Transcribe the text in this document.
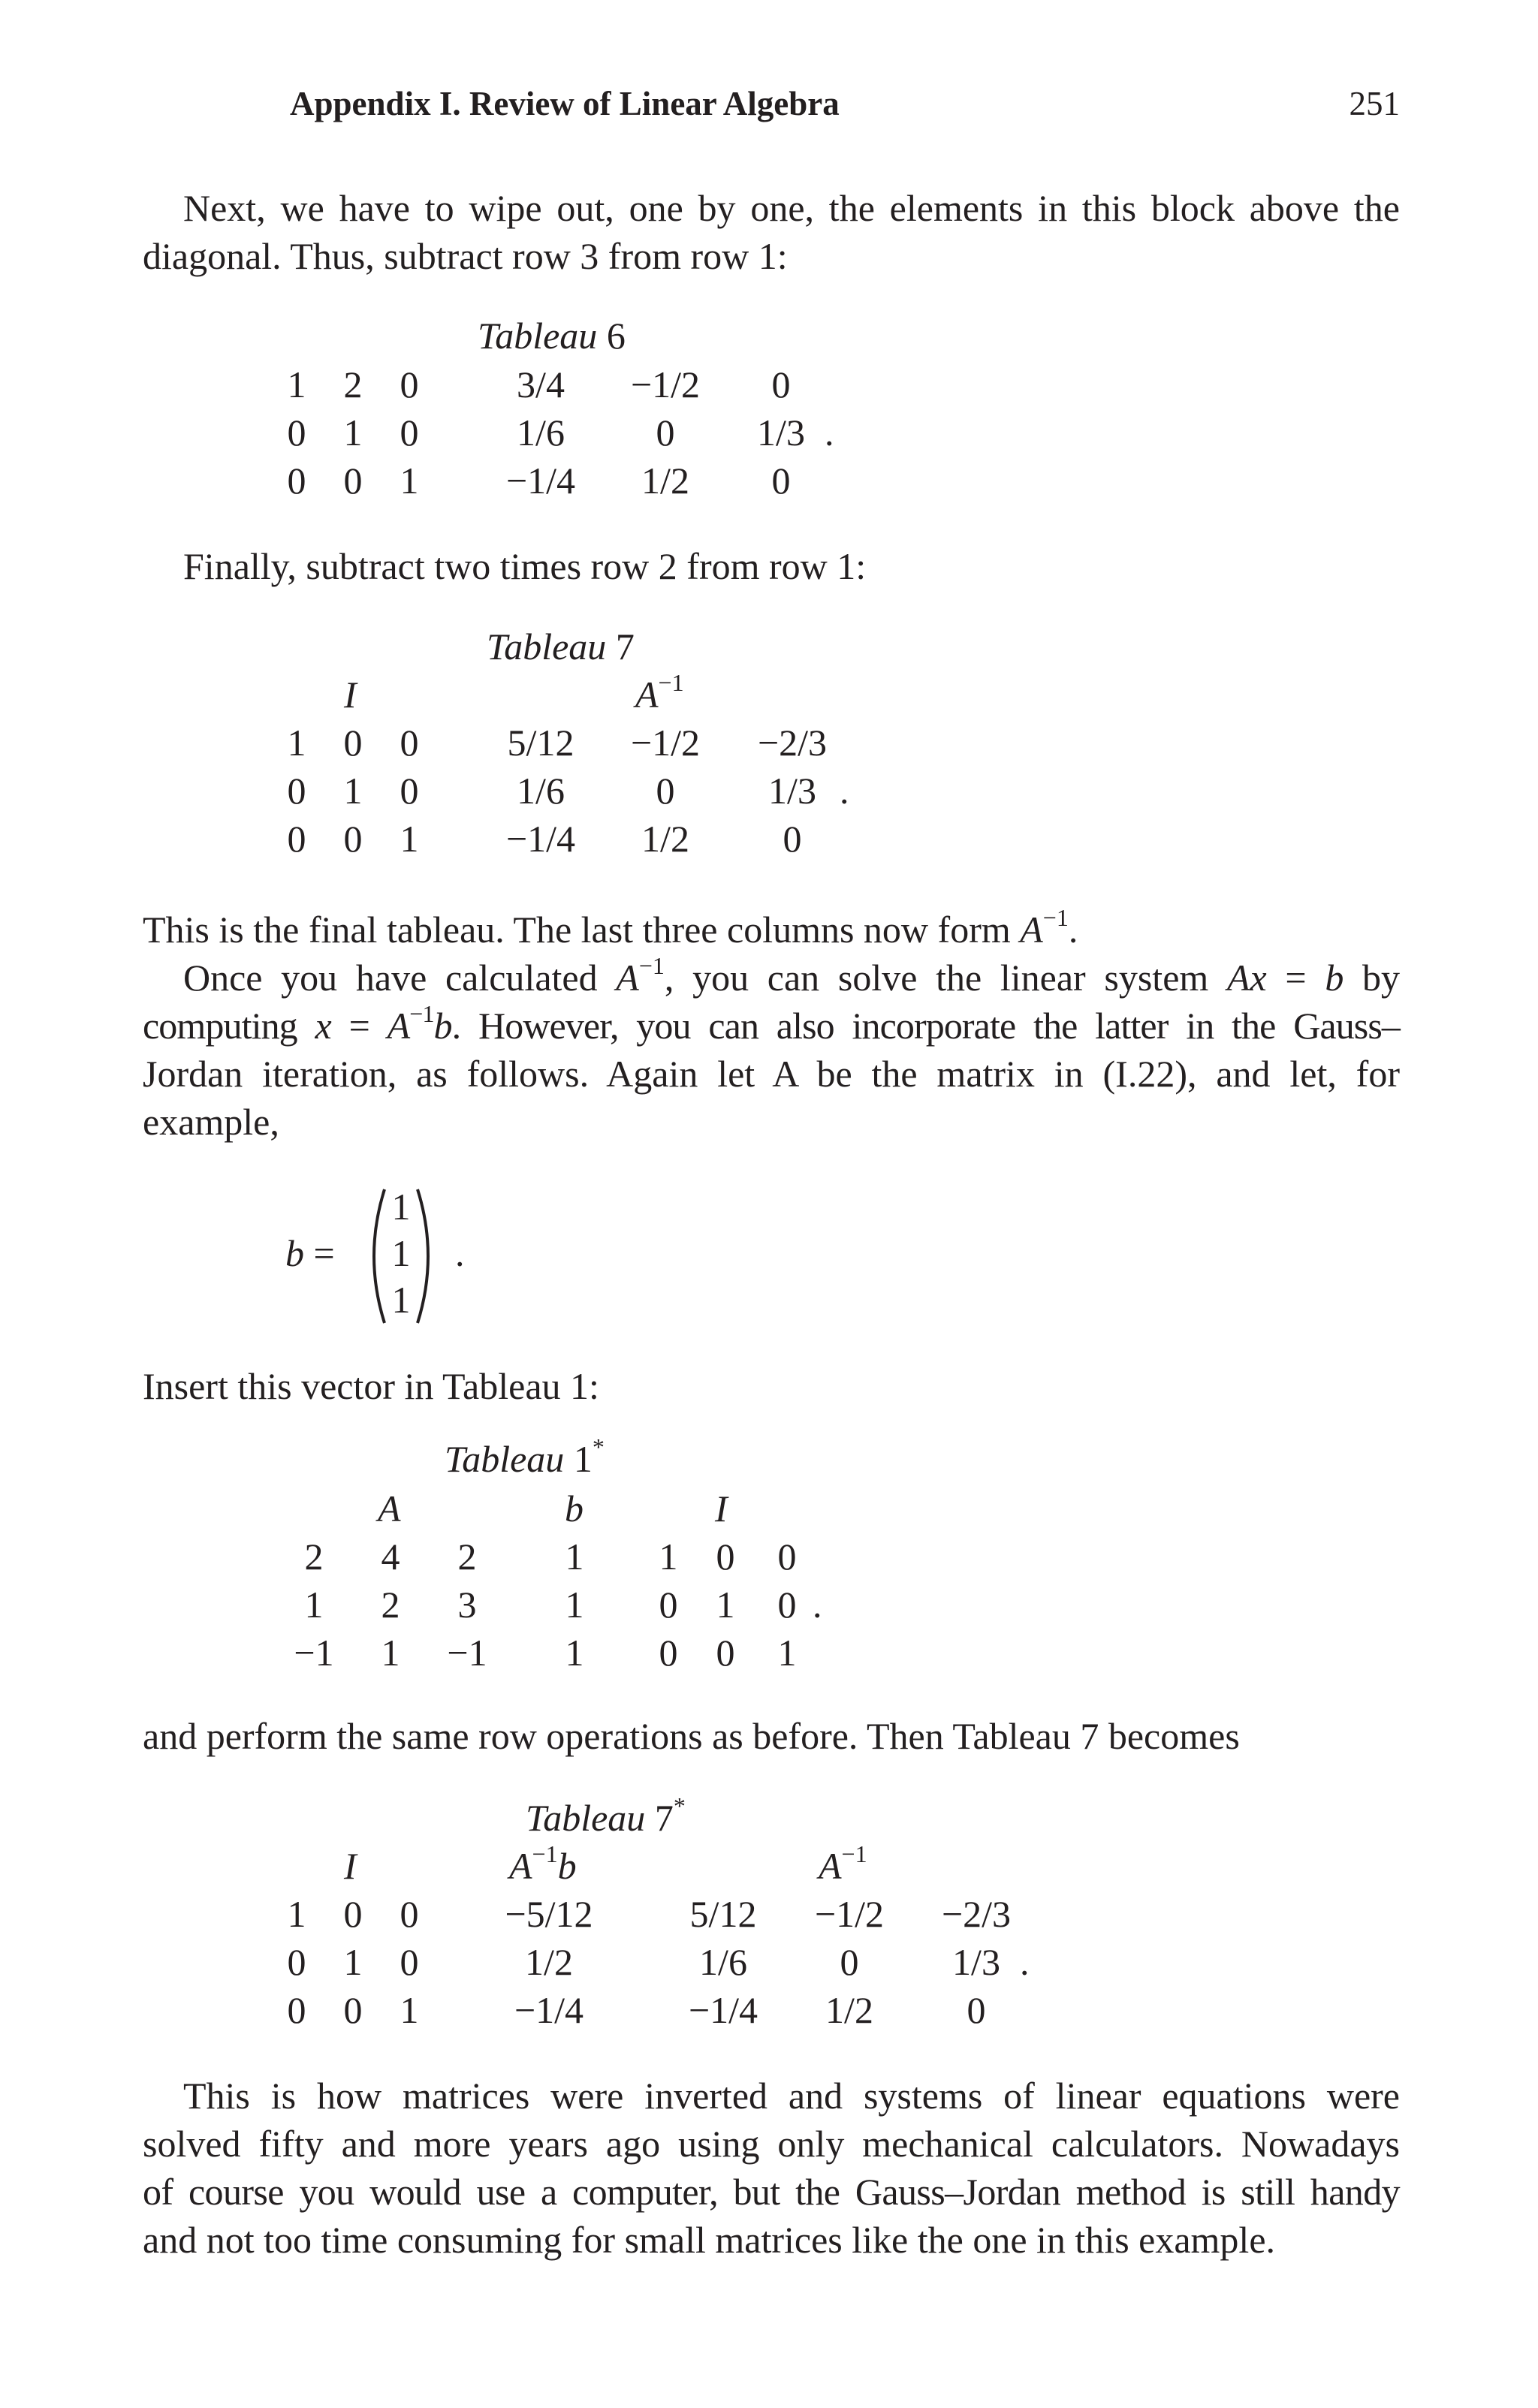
Appendix I. Review of Linear Algebra	251
Next, we have to wipe out, one by one, the elements in this block above the
diagonal. Thus, subtract row 3 from row 1:
Tableau 6
1 2 0	3/4 −1/2 0
0 1 0	1/6 0 1/3
0 0 1 −1/4 1/2 0
.
Finally, subtract two times row 2 from row 1:
Tableau 7
I	$A^{-1}$
1 0 0 5/12 −1/2 −2/3
0 1 0	1/6 0 1/3
0 0 1 −1/4 1/2 0
.
This is the final tableau. The last three columns now form $A^{-1}$.
Once you have calculated $A^{-1}$, you can solve the linear system Ax = b by
computing $x = A^{-1}b$. However, you can also incorporate the latter in the Gauss–
Jordan iteration, as follows. Again let A be the matrix in (I.22), and let, for
example,
b =
1
1
1
.
Insert this vector in Tableau 1:
Tableau 1*
A	b	I
2 4 2 1 1 0 0
1 2 3 1 0 1 0
−1 1 −1 1 0 0 1
.
and perform the same row operations as before. Then Tableau 7 becomes
Tableau 7*
I	$A^{-1}b$	$A^{-1}$
1 0 0 −5/12	5/12 −1/2 −2/3
0 1 0	1/2	1/6 0 1/3
0 0 1	−1/4	−1/4 1/2 0
.
This is how matrices were inverted and systems of linear equations were
solved fifty and more years ago using only mechanical calculators. Nowadays
of course you would use a computer, but the Gauss–Jordan method is still handy
and not too time consuming for small matrices like the one in this example.
